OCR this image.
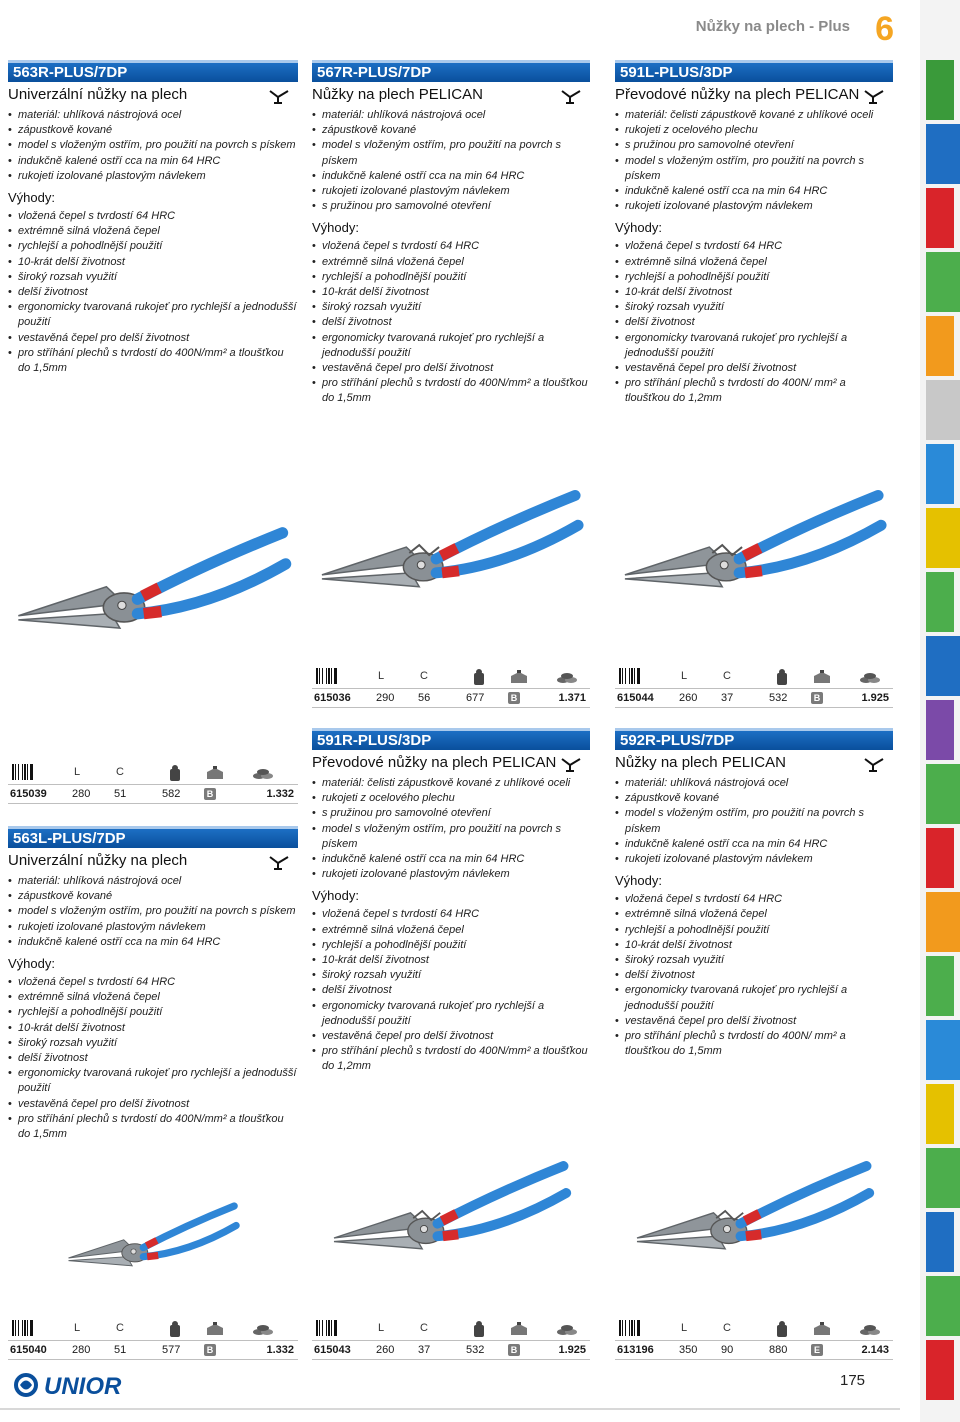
Nůžky na plech - Plus 6
563R-PLUS/7DP
Univerzální nůžky na plech
• materiál: uhlíková nástrojová ocel
• zápustkově kované
• model s vloženým ostřím, pro použití na povrch s pískem
• indukčně kalené ostří cca na min 64 HRC
• rukojeti izolované plastovým návlekem
Výhody:
• vložená čepel s tvrdostí 64 HRC
• extrémně silná vložená čepel
• rychlejší a pohodlnější použití
• 10-krát delší životnost
• široký rozsah využití
• delší životnost
• ergonomicky tvarovaná rukojeť pro rychlejší a jednodušší použití
• vestavěná čepel pro delší životnost
• pro stříhání plechů s tvrdostí do 400N/mm² a tloušťkou do 1,5mm
L	C
615039 280 51	582	B	1.332
567R-PLUS/7DP
Nůžky na plech PELICAN
• materiál: uhlíková nástrojová ocel
• zápustkově kované
• model s vloženým ostřím, pro použití na povrch s pískem
• indukčně kalené ostří cca na min 64 HRC
• rukojeti izolované plastovým návlekem
• s pružinou pro samovolné otevření
Výhody:
• vložená čepel s tvrdostí 64 HRC
• extrémně silná vložená čepel
• rychlejší a pohodlnější použití
• 10-krát delší životnost
• široký rozsah využití
• delší životnost
• ergonomicky tvarovaná rukojeť pro rychlejší a jednodušší použití
• vestavěná čepel pro delší životnost
• pro stříhání plechů s tvrdostí do 400N/mm² a tloušťkou do 1,5mm
L	C
615036 290 56	677	B	1.371
591L-PLUS/3DP
Převodové nůžky na plech PELICAN
• materiál: čelisti zápustkově kované z uhlíkové oceli
• rukojeti z ocelového plechu
• s pružinou pro samovolné otevření
• model s vloženým ostřím, pro použití na povrch s pískem
• indukčně kalené ostří cca na min 64 HRC
• rukojeti izolované plastovým návlekem
Výhody:
• vložená čepel s tvrdostí 64 HRC
• extrémně silná vložená čepel
• rychlejší a pohodlnější použití
• 10-krát delší životnost
• široký rozsah využití
• delší životnost
• ergonomicky tvarovaná rukojeť pro rychlejší a jednodušší použití
• vestavěná čepel pro delší životnost
• pro stříhání plechů s tvrdostí do 400N/ mm² a tloušťkou do 1,2mm
L	C
615044 260 37	532	B	1.925
563L-PLUS/7DP
Univerzální nůžky na plech
• materiál: uhlíková nástrojová ocel
• zápustkově kované
• model s vloženým ostřím, pro použití na povrch s pískem
• rukojeti izolované plastovým návlekem
• indukčně kalené ostří cca na min 64 HRC
Výhody:
• vložená čepel s tvrdostí 64 HRC
• extrémně silná vložená čepel
• rychlejší a pohodlnější použití
• 10-krát delší životnost
• široký rozsah využití
• delší životnost
• ergonomicky tvarovaná rukojeť pro rychlejší a jednodušší použití
• vestavěná čepel pro delší životnost
• pro stříhání plechů s tvrdostí do 400N/mm² a tloušťkou do 1,5mm
L	C
615040 280 51	577	B	1.332
591R-PLUS/3DP
Převodové nůžky na plech PELICAN
• materiál: čelisti zápustkově kované z uhlíkové oceli
• rukojeti z ocelového plechu
• s pružinou pro samovolné otevření
• model s vloženým ostřím, pro použití na povrch s pískem
• indukčně kalené ostří cca na min 64 HRC
• rukojeti izolované plastovým návlekem
Výhody:
• vložená čepel s tvrdostí 64 HRC
• extrémně silná vložená čepel
• rychlejší a pohodlnější použití
• 10-krát delší životnost
• široký rozsah využití
• delší životnost
• ergonomicky tvarovaná rukojeť pro rychlejší a jednodušší použití
• vestavěná čepel pro delší životnost
• pro stříhání plechů s tvrdostí do 400N/mm² a tloušťkou do 1,2mm
L	C
615043 260 37	532	B	1.925
592R-PLUS/7DP
Nůžky na plech PELICAN
• materiál: uhlíková nástrojová ocel
• zápustkově kované
• model s vloženým ostřím, pro použití na povrch s pískem
• indukčně kalené ostří cca na min 64 HRC
• rukojeti izolované plastovým návlekem
Výhody:
• vložená čepel s tvrdostí 64 HRC
• extrémně silná vložená čepel
• rychlejší a pohodlnější použití
• 10-krát delší životnost
• široký rozsah využití
• delší životnost
• ergonomicky tvarovaná rukojeť pro rychlejší a jednodušší použití
• vestavěná čepel pro delší životnost
• pro stříhání plechů s tvrdostí do 400N/ mm² a tloušťkou do 1,5mm
L	C
613196 350 90	880	E	2.143
UNIOR	175
